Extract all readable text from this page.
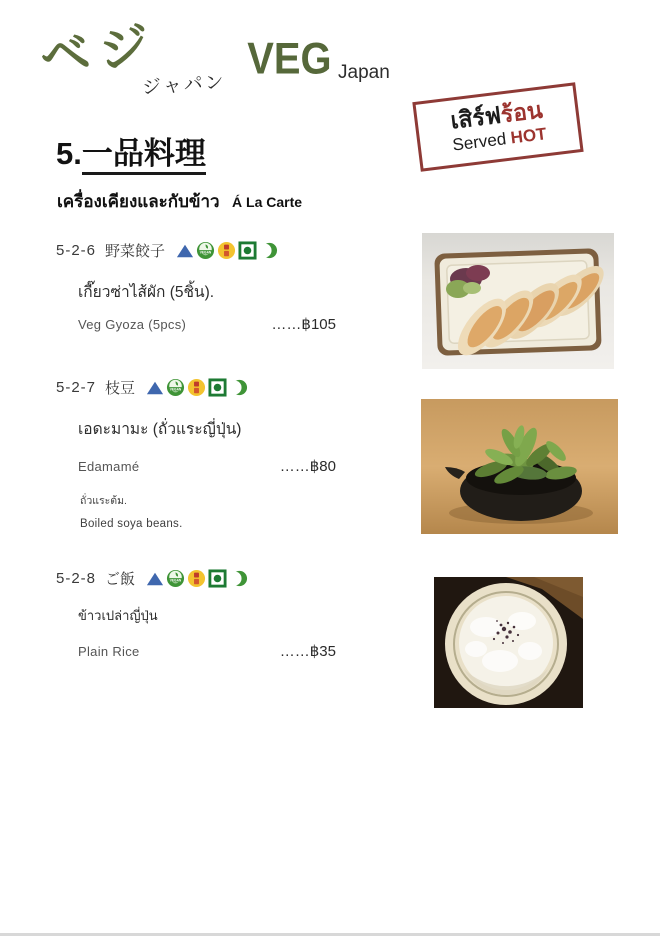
ベジ
ジャパン
VEG Japan
เสิร์ฟร้อน
Served HOT
5.一品料理
เครื่องเคียงและกับข้าว Á La Carte
5-2-6 野菜餃子	VEGAN
เกี๊ยวซ่าไส้ผัก (5ชิ้น).
Veg Gyoza (5pcs)	……฿105
5-2-7 枝豆	VEGAN
เอดะมามะ (ถั่วแระญี่ปุ่น)
Edamamé	……฿80
ถั่วแระต้ม.
Boiled soya beans.
5-2-8 ご飯	VEGAN
ข้าวเปล่าญี่ปุ่น
Plain Rice	……฿35
